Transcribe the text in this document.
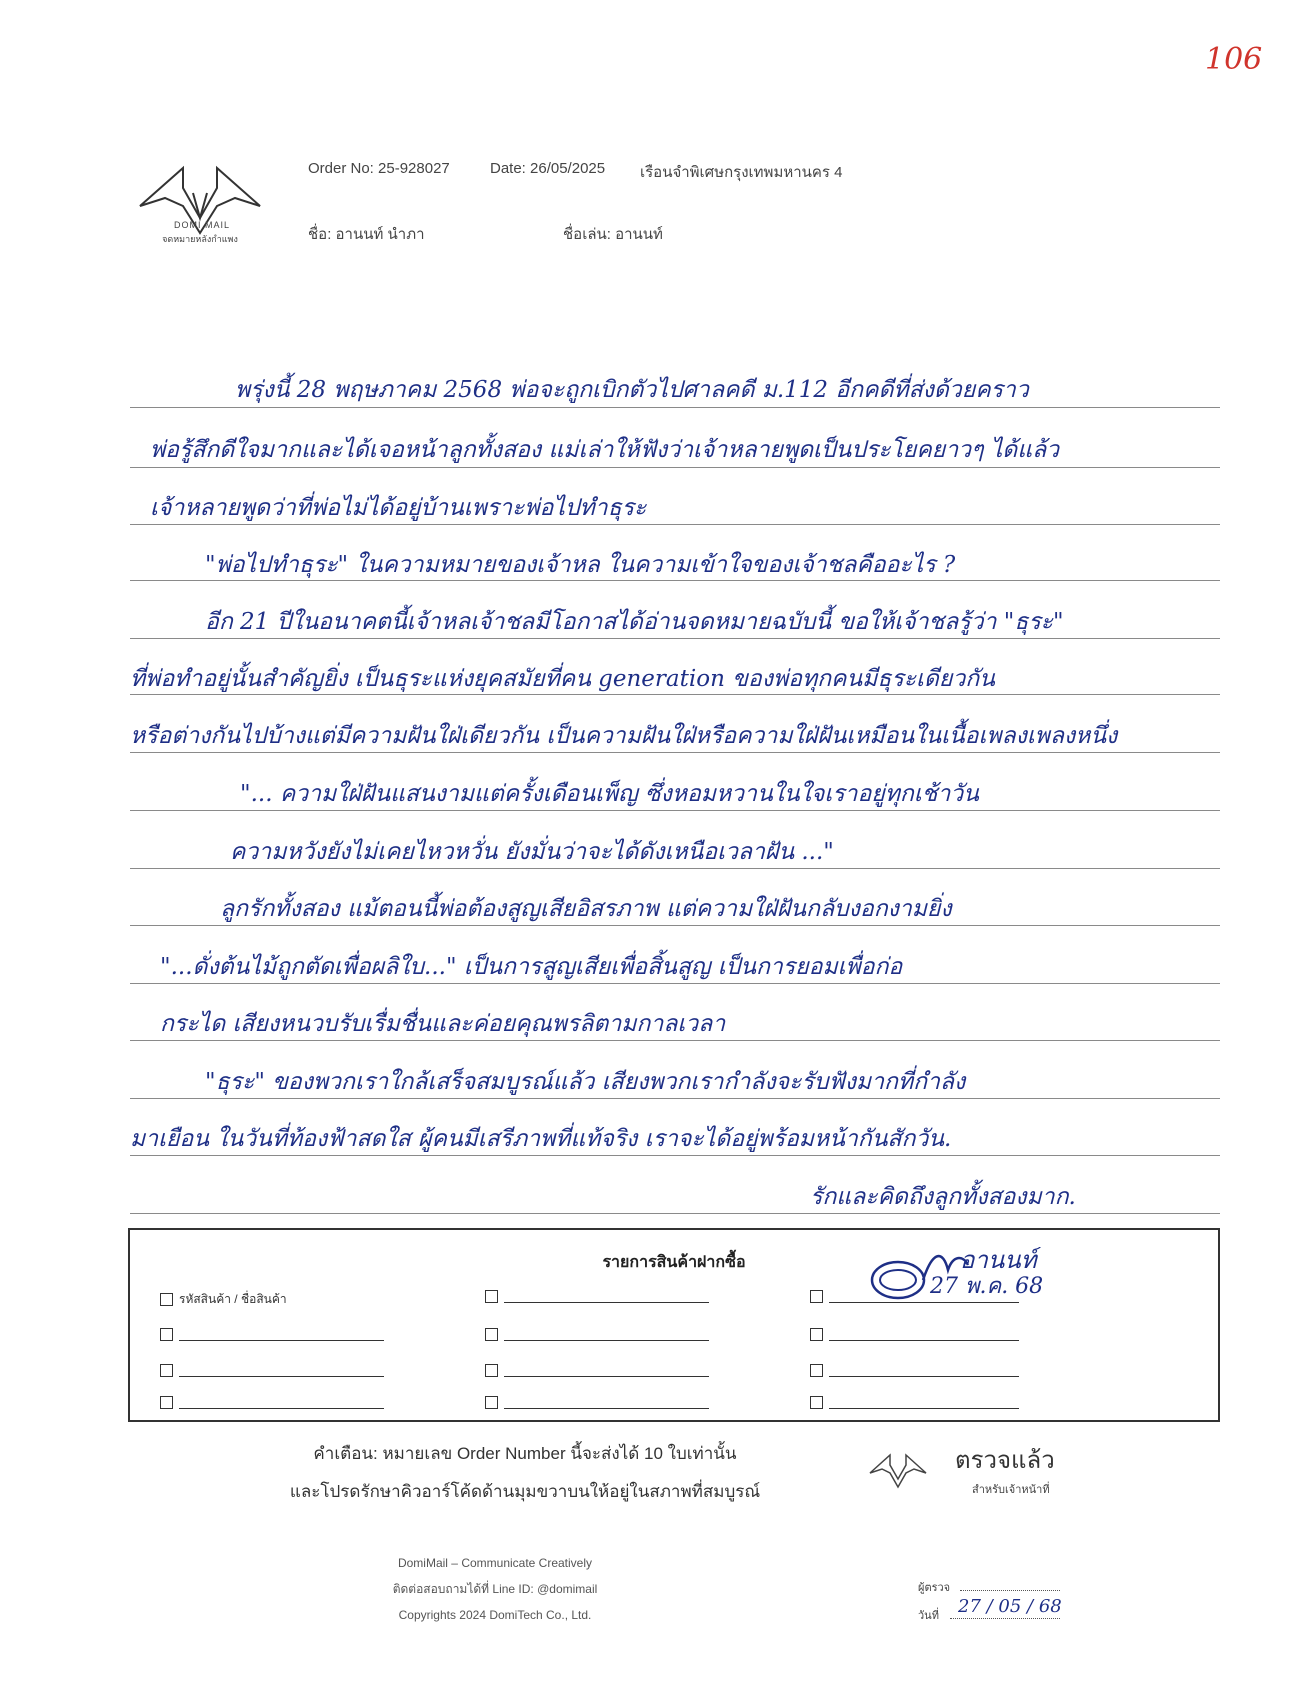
106
DOMI MAIL
จดหมายหลังกำแพง
Order No: 25-928027	Date: 26/05/2025 เรือนจำพิเศษกรุงเทพมหานคร 4
ชื่อ: อานนท์ นำภา	ชื่อเล่น: อานนท์
พรุ่งนี้ 28 พฤษภาคม 2568 พ่อจะถูกเบิกตัวไปศาลคดี ม.112 อีกคดีที่ส่งด้วยคราว
พ่อรู้สึกดีใจมากและได้เจอหน้าลูกทั้งสอง แม่เล่าให้ฟังว่าเจ้าหลายพูดเป็นประโยคยาวๆ ได้แล้ว
เจ้าหลายพูดว่าที่พ่อไม่ได้อยู่บ้านเพราะพ่อไปทำธุระ
"พ่อไปทำธุระ" ในความหมายของเจ้าหล ในความเข้าใจของเจ้าชลคืออะไร ?
อีก 21 ปีในอนาคตนี้เจ้าหลเจ้าชลมีโอกาสได้อ่านจดหมายฉบับนี้ ขอให้เจ้าชลรู้ว่า "ธุระ"
ที่พ่อทำอยู่นั้นสำคัญยิ่ง เป็นธุระแห่งยุคสมัยที่คน generation ของพ่อทุกคนมีธุระเดียวกัน
หรือต่างกันไปบ้างแต่มีความฝันใฝ่เดียวกัน เป็นความฝันใฝ่หรือความใฝ่ฝันเหมือนในเนื้อเพลงเพลงหนึ่ง
"... ความใฝ่ฝันแสนงามแต่ครั้งเดือนเพ็ญ ซึ่งหอมหวานในใจเราอยู่ทุกเช้าวัน
ความหวังยังไม่เคยไหวหวั่น ยังมั่นว่าจะได้ดังเหนือเวลาฝัน ..."
ลูกรักทั้งสอง แม้ตอนนี้พ่อต้องสูญเสียอิสรภาพ แต่ความใฝ่ฝันกลับงอกงามยิ่ง
"...ดั่งต้นไม้ถูกตัดเพื่อผลิใบ..." เป็นการสูญเสียเพื่อสิ้นสูญ เป็นการยอมเพื่อก่อ
กระได เสียงหนวบรับเรื่มชื่นและค่อยคุณพรลิตามกาลเวลา
"ธุระ" ของพวกเราใกล้เสร็จสมบูรณ์แล้ว เสียงพวกเรากำลังจะรับฟังมากที่กำลัง
มาเยือน ในวันที่ท้องฟ้าสดใส ผู้คนมีเสรีภาพที่แท้จริง เราจะได้อยู่พร้อมหน้ากันสักวัน.
รักและคิดถึงลูกทั้งสองมาก.
รายการสินค้าฝากซื้อ
รหัสสินค้า / ชื่อสินค้า
อานนท์
27 พ.ค. 68
คำเตือน: หมายเลข Order Number นี้จะส่งได้ 10 ใบเท่านั้น
และโปรดรักษาคิวอาร์โค้ดด้านมุมขวาบนให้อยู่ในสภาพที่สมบูรณ์
ตรวจแล้ว
สำหรับเจ้าหน้าที่
DomiMail – Communicate Creatively
ติดต่อสอบถามได้ที่ Line ID: @domimail
Copyrights 2024 DomiTech Co., Ltd.
ผู้ตรวจ
วันที่ 27 / 05 / 68
